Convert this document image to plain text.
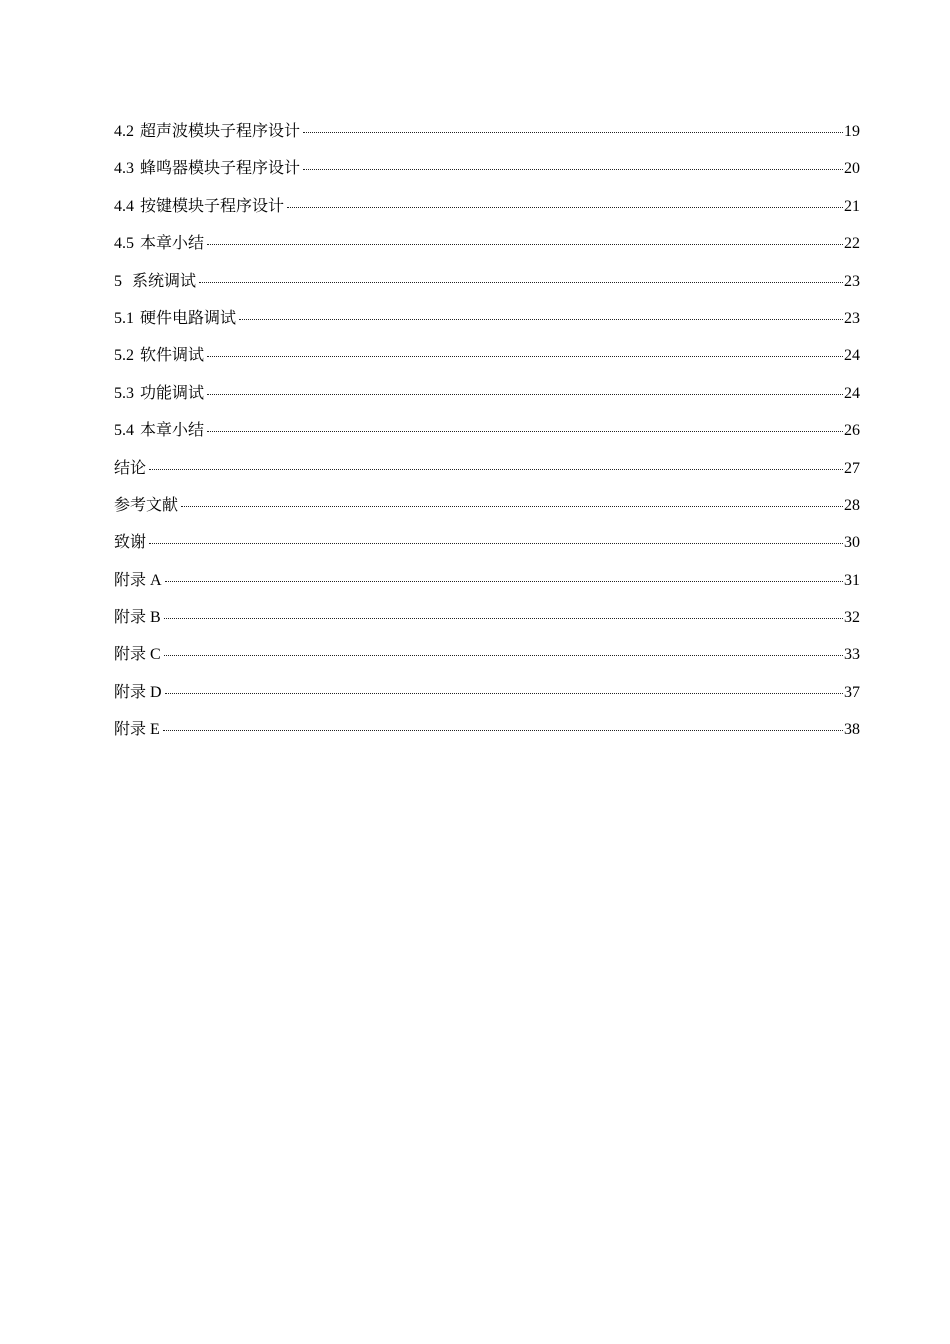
4.2 超声波模块子程序设计	19
4.3 蜂鸣器模块子程序设计	20
4.4 按键模块子程序设计	21
4.5 本章小结	22
5 系统调试	23
5.1 硬件电路调试	23
5.2 软件调试	24
5.3 功能调试	24
5.4 本章小结	26
结论	27
参考文献	28
致谢	30
附录 A	31
附录 B	32
附录 C	33
附录 D	37
附录 E	38
